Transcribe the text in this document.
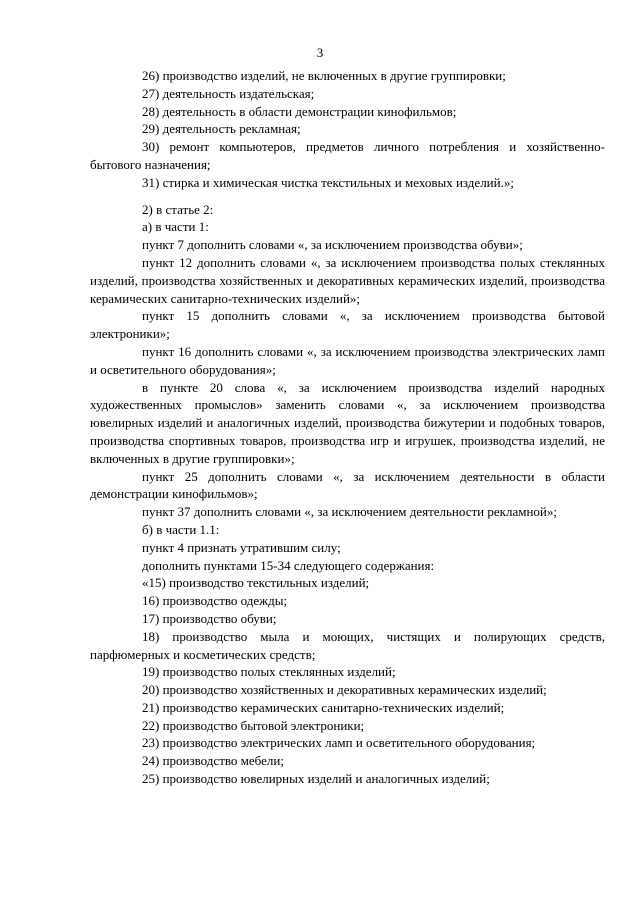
3

26) производство изделий, не включенных в другие группировки;

27) деятельность издательская;

28) деятельность в области демонстрации кинофильмов;

29) деятельность рекламная;

30) ремонт компьютеров, предметов личного потребления и хозяйственно-бытового назначения;

31) стирка и химическая чистка текстильных и меховых изделий.»;

2) в статье 2:

а) в части 1:

пункт 7 дополнить словами «, за исключением производства обуви»;

пункт 12 дополнить словами «, за исключением производства полых стеклянных изделий, производства хозяйственных и декоративных керамических изделий, производства керамических санитарно-технических изделий»;

пункт 15 дополнить словами «, за исключением производства бытовой электроники»;

пункт 16 дополнить словами «, за исключением производства электрических ламп и осветительного оборудования»;

в пункте 20 слова «, за исключением производства изделий народных художественных промыслов» заменить словами «, за исключением производства ювелирных изделий и аналогичных изделий, производства бижутерии и подобных товаров, производства спортивных товаров, производства игр и игрушек, производства изделий, не включенных в другие группировки»;

пункт 25 дополнить словами «, за исключением деятельности в области демонстрации кинофильмов»;

пункт 37 дополнить словами «, за исключением деятельности рекламной»;

б) в части 1.1:

пункт 4 признать утратившим силу;

дополнить пунктами 15-34 следующего содержания:

«15) производство текстильных изделий;

16) производство одежды;

17) производство обуви;

18) производство мыла и моющих, чистящих и полирующих средств, парфюмерных и косметических средств;

19) производство полых стеклянных изделий;

20) производство хозяйственных и декоративных керамических изделий;

21) производство керамических санитарно-технических изделий;

22) производство бытовой электроники;

23) производство электрических ламп и осветительного оборудования;

24) производство мебели;

25) производство ювелирных изделий и аналогичных изделий;
